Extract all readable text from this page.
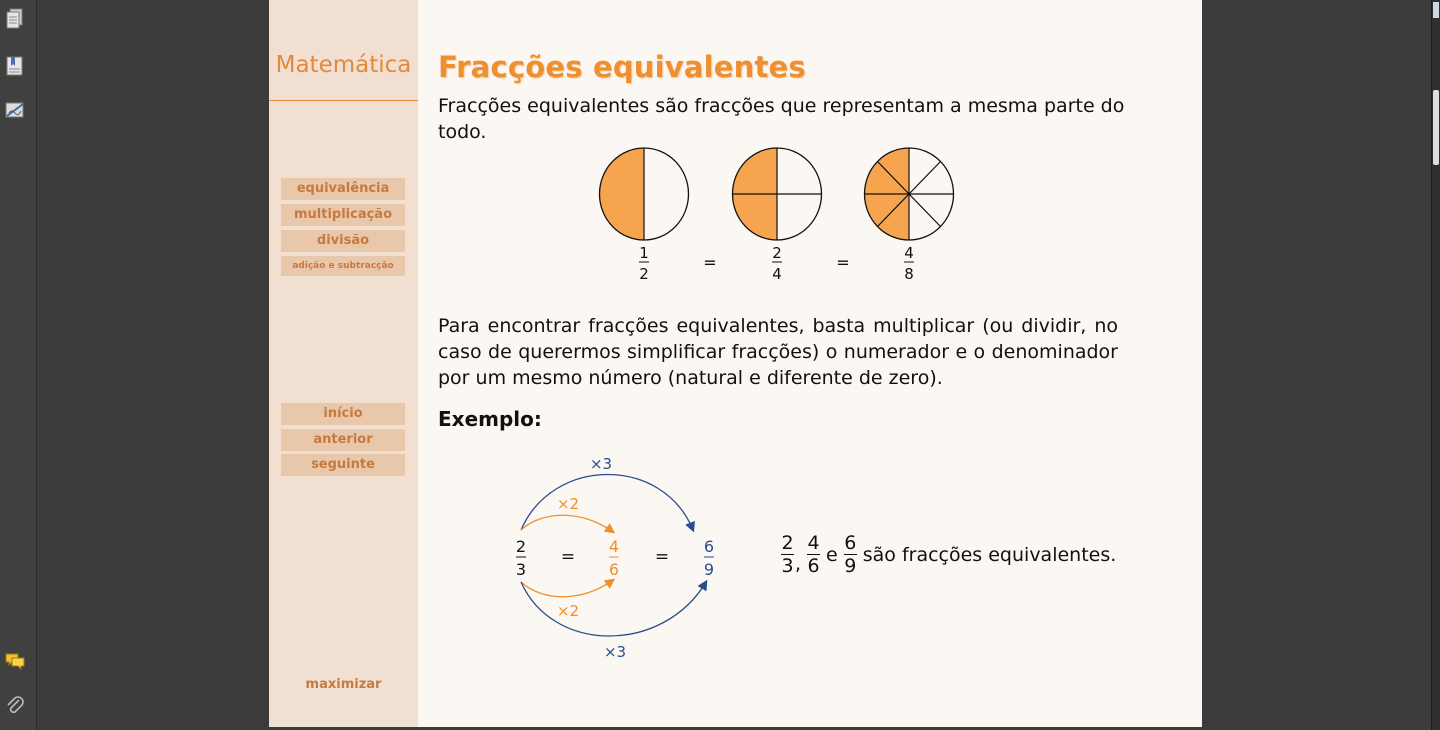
Matemática
equivalência
multiplicação
divisão
adição e subtracção
início
anterior
seguinte
maximizar
Fracções equivalentes
Fracções equivalentes são fracções que representam a mesma parte do todo.
1
2
=	2
4
=	4
8
Para encontrar fracções equivalentes, basta multiplicar (ou dividir, no caso de querermos simplificar fracções) o numerador e o denominador por um mesmo número (natural e diferente de zero).
Exemplo:
×3
×2
2
3
=
4
6
=
6
9
×2
×3
$\frac{2}{3}$ , $\frac{4}{6}$ e $\frac{6}{9}$ são fracções equivalentes.
